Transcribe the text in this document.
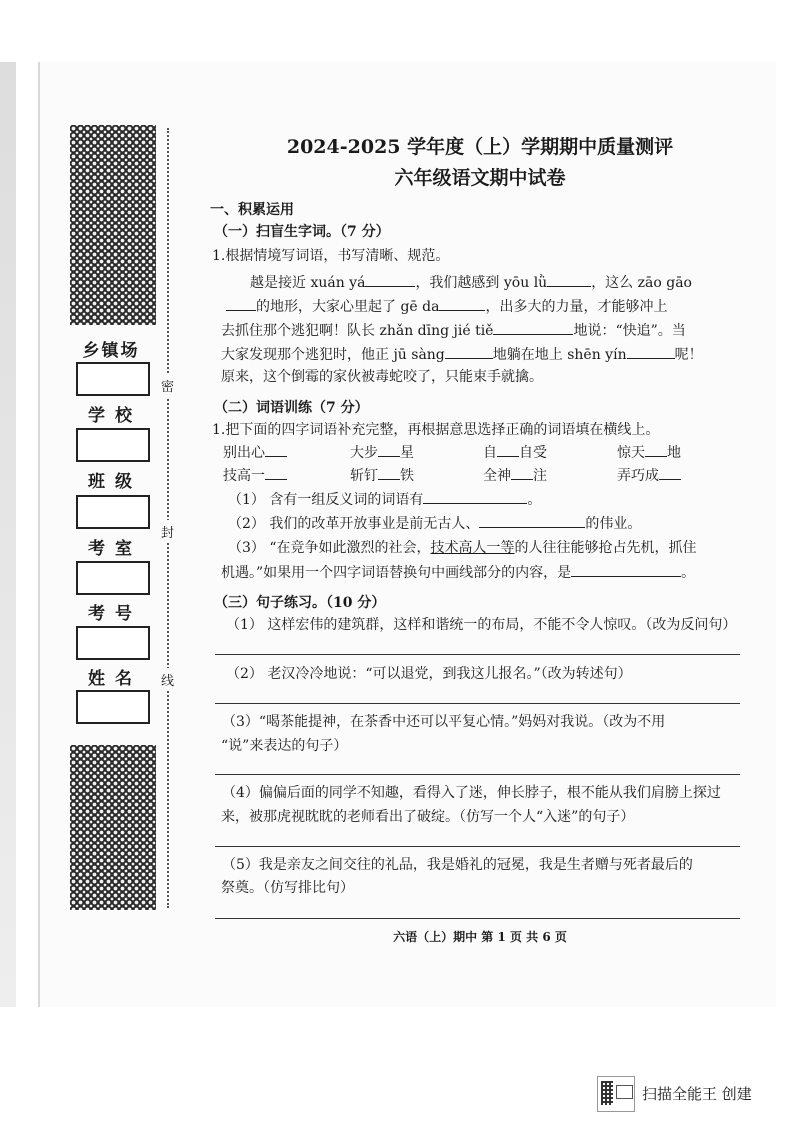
密
封
线
乡镇场
学 校
班 级
考 室
考 号
姓 名
2024-2025 学年度（上）学期期中质量测评
六年级语文期中试卷
一、积累运用
（一）扫盲生字词。（7 分）
1.根据情境写词语，书写清晰、规范。
越是接近 xuán yá	，我们越感到 yōu lǜ	，这么 zāo gāo
的地形，大家心里起了 gē da	，出多大的力量，才能够冲上
去抓住那个逃犯啊！队长 zhǎn dīng jié tiě	地说：“快追”。当
大家发现那个逃犯时，他正 jū sàng	地躺在地上 shēn yín	呢！
原来，这个倒霉的家伙被毒蛇咬了，只能束手就擒。
（二）词语训练（7 分）
1.把下面的四字词语补充完整，再根据意思选择正确的词语填在横线上。
别出心	大步 星	自 自受	惊天 地
技高一	斩钉 铁	全神 注	弄巧成
（1） 含有一组反义词的词语有	。
（2） 我们的改革开放事业是前无古人、	的伟业。
（3） “在竞争如此激烈的社会，技术高人一等的人往往能够抢占先机，抓住
机遇。”如果用一个四字词语替换句中画线部分的内容，是	。
（三）句子练习。（10 分）
（1） 这样宏伟的建筑群，这样和谐统一的布局，不能不令人惊叹。（改为反问句）
（2） 老汉冷冷地说：“可以退党，到我这儿报名。”（改为转述句）
（3）“喝茶能提神，在茶香中还可以平复心情。”妈妈对我说。（改为不用
“说”来表达的句子）
（4）偏偏后面的同学不知趣，看得入了迷，伸长脖子，根不能从我们肩膀上探过
来，被那虎视眈眈的老师看出了破绽。（仿写一个人“入迷”的句子）
（5）我是亲友之间交往的礼品，我是婚礼的冠冕，我是生者赠与死者最后的
祭奠。（仿写排比句）
六语（上）期中 第 1 页 共 6 页
扫描全能王 创建
